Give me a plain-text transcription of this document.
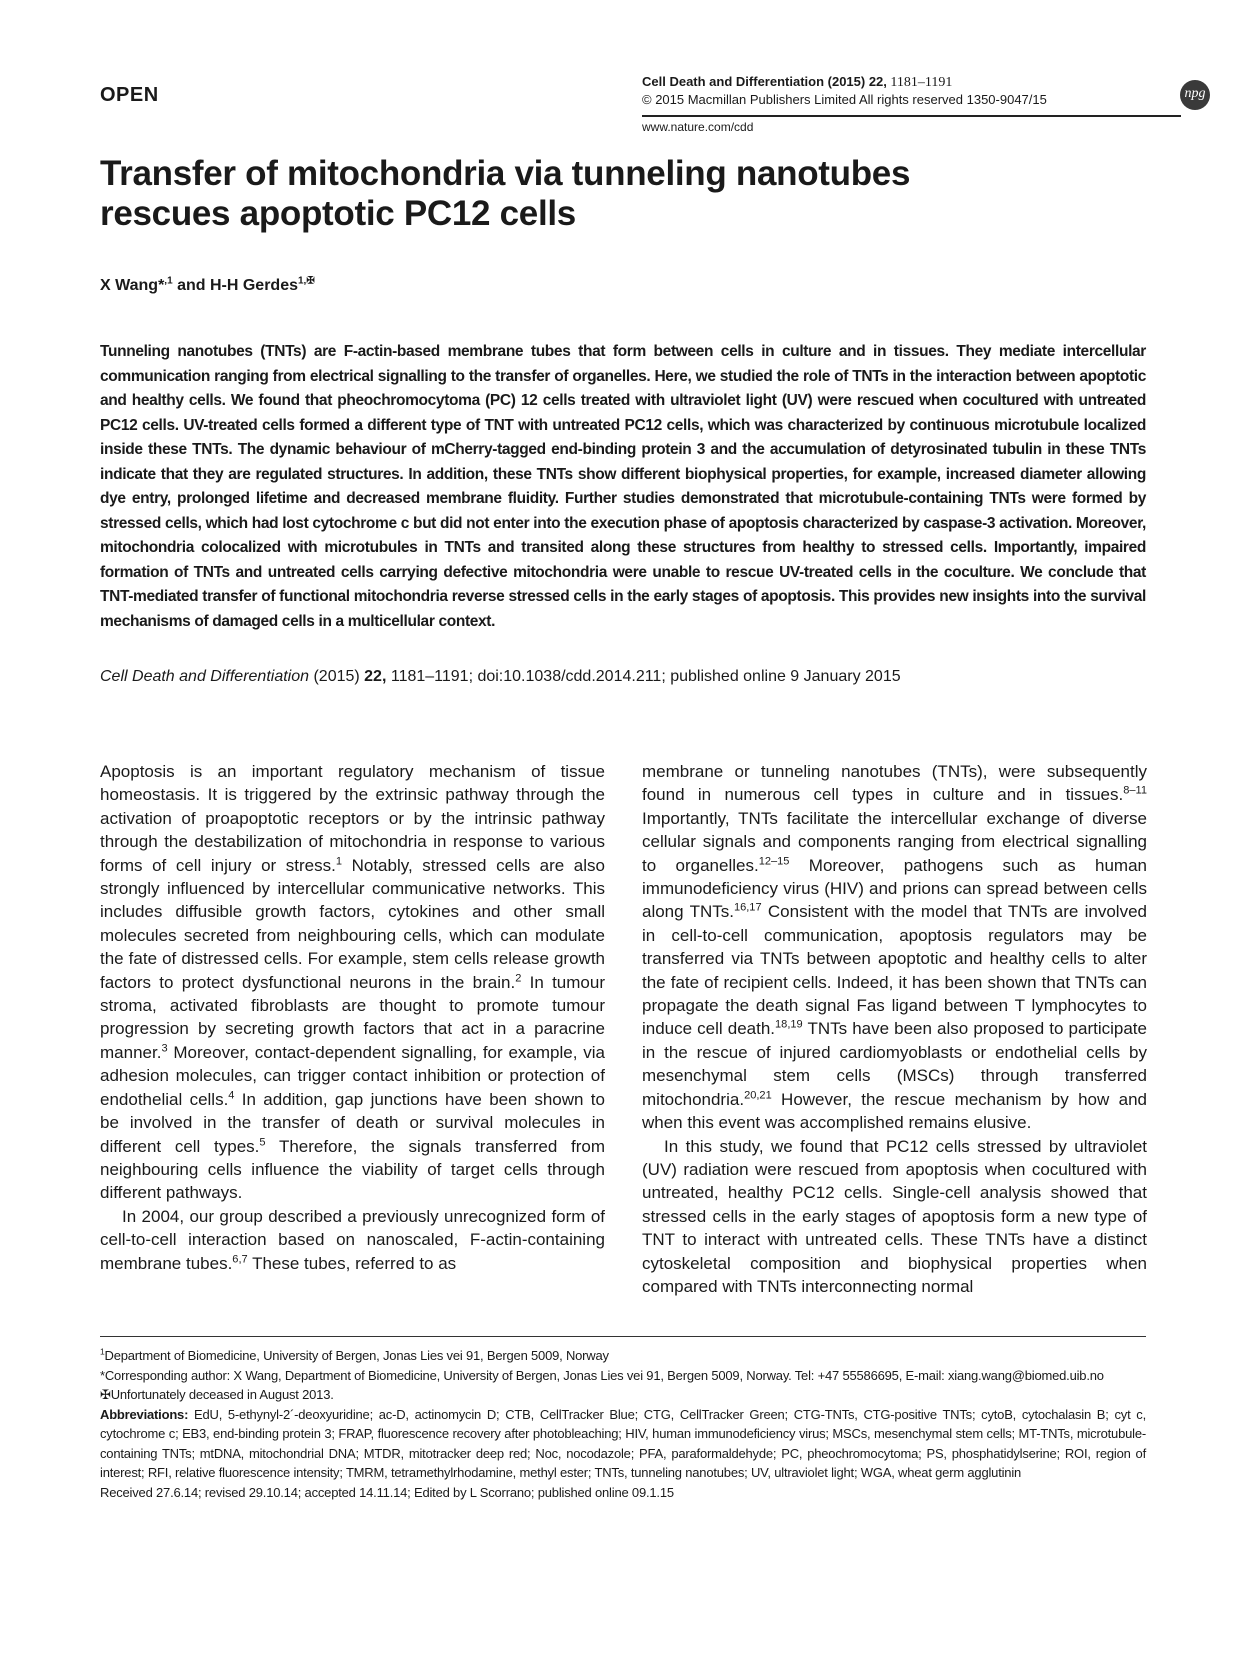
OPEN
Cell Death and Differentiation (2015) 22, 1181–1191
© 2015 Macmillan Publishers Limited All rights reserved 1350-9047/15
www.nature.com/cdd
npg
Transfer of mitochondria via tunneling nanotubes
rescues apoptotic PC12 cells
X Wang*$^{,1}$ and H-H Gerdes$^{1,✠}$
Tunneling nanotubes (TNTs) are F-actin-based membrane tubes that form between cells in culture and in tissues. They mediate intercellular communication ranging from electrical signalling to the transfer of organelles. Here, we studied the role of TNTs in the interaction between apoptotic and healthy cells. We found that pheochromocytoma (PC) 12 cells treated with ultraviolet light (UV) were rescued when cocultured with untreated PC12 cells. UV-treated cells formed a different type of TNT with untreated PC12 cells, which was characterized by continuous microtubule localized inside these TNTs. The dynamic behaviour of mCherry-tagged end-binding protein 3 and the accumulation of detyrosinated tubulin in these TNTs indicate that they are regulated structures. In addition, these TNTs show different biophysical properties, for example, increased diameter allowing dye entry, prolonged lifetime and decreased membrane fluidity. Further studies demonstrated that microtubule-containing TNTs were formed by stressed cells, which had lost cytochrome c but did not enter into the execution phase of apoptosis characterized by caspase-3 activation. Moreover, mitochondria colocalized with microtubules in TNTs and transited along these structures from healthy to stressed cells. Importantly, impaired formation of TNTs and untreated cells carrying defective mitochondria were unable to rescue UV-treated cells in the coculture. We conclude that TNT-mediated transfer of functional mitochondria reverse stressed cells in the early stages of apoptosis. This provides new insights into the survival mechanisms of damaged cells in a multicellular context.
Cell Death and Differentiation (2015) 22, 1181–1191; doi:10.1038/cdd.2014.211; published online 9 January 2015

Apoptosis is an important regulatory mechanism of tissue homeostasis. It is triggered by the extrinsic pathway through the activation of proapoptotic receptors or by the intrinsic pathway through the destabilization of mitochondria in response to various forms of cell injury or stress.$^1$ Notably, stressed cells are also strongly influenced by intercellular communicative networks. This includes diffusible growth factors, cytokines and other small molecules secreted from neighbouring cells, which can modulate the fate of distressed cells. For example, stem cells release growth factors to protect dysfunctional neurons in the brain.$^2$ In tumour stroma, activated fibroblasts are thought to promote tumour progression by secreting growth factors that act in a paracrine manner.$^3$ Moreover, contact-dependent signalling, for example, via adhesion molecules, can trigger contact inhibition or protection of endothelial cells.$^4$ In addition, gap junctions have been shown to be involved in the transfer of death or survival molecules in different cell types.$^5$ Therefore, the signals transferred from neighbouring cells influence the viability of target cells through different pathways.

In 2004, our group described a previously unrecognized form of cell-to-cell interaction based on nanoscaled, F-actin-containing membrane tubes.$^{6,7}$ These tubes, referred to as

membrane or tunneling nanotubes (TNTs), were subsequently found in numerous cell types in culture and in tissues.$^{8-11}$ Importantly, TNTs facilitate the intercellular exchange of diverse cellular signals and components ranging from electrical signalling to organelles.$^{12-15}$ Moreover, pathogens such as human immunodeficiency virus (HIV) and prions can spread between cells along TNTs.$^{16,17}$ Consistent with the model that TNTs are involved in cell-to-cell communication, apoptosis regulators may be transferred via TNTs between apoptotic and healthy cells to alter the fate of recipient cells. Indeed, it has been shown that TNTs can propagate the death signal Fas ligand between T lymphocytes to induce cell death.$^{18,19}$ TNTs have been also proposed to participate in the rescue of injured cardiomyoblasts or endothelial cells by mesenchymal stem cells (MSCs) through transferred mitochondria.$^{20,21}$ However, the rescue mechanism by how and when this event was accomplished remains elusive.

In this study, we found that PC12 cells stressed by ultraviolet (UV) radiation were rescued from apoptosis when cocultured with untreated, healthy PC12 cells. Single-cell analysis showed that stressed cells in the early stages of apoptosis form a new type of TNT to interact with untreated cells. These TNTs have a distinct cytoskeletal composition and biophysical properties when compared with TNTs interconnecting normal

$^1$Department of Biomedicine, University of Bergen, Jonas Lies vei 91, Bergen 5009, Norway
*Corresponding author: X Wang, Department of Biomedicine, University of Bergen, Jonas Lies vei 91, Bergen 5009, Norway. Tel: +47 55586695, E-mail: xiang.wang@biomed.uib.no
✠Unfortunately deceased in August 2013.
Abbreviations: EdU, 5-ethynyl-2´-deoxyuridine; ac-D, actinomycin D; CTB, CellTracker Blue; CTG, CellTracker Green; CTG-TNTs, CTG-positive TNTs; cytoB, cytochalasin B; cyt c, cytochrome c; EB3, end-binding protein 3; FRAP, fluorescence recovery after photobleaching; HIV, human immunodeficiency virus; MSCs, mesenchymal stem cells; MT-TNTs, microtubule-containing TNTs; mtDNA, mitochondrial DNA; MTDR, mitotracker deep red; Noc, nocodazole; PFA, paraformaldehyde; PC, pheochromocytoma; PS, phosphatidylserine; ROI, region of interest; RFI, relative fluorescence intensity; TMRM, tetramethylrhodamine, methyl ester; TNTs, tunneling nanotubes; UV, ultraviolet light; WGA, wheat germ agglutinin
Received 27.6.14; revised 29.10.14; accepted 14.11.14; Edited by L Scorrano; published online 09.1.15
